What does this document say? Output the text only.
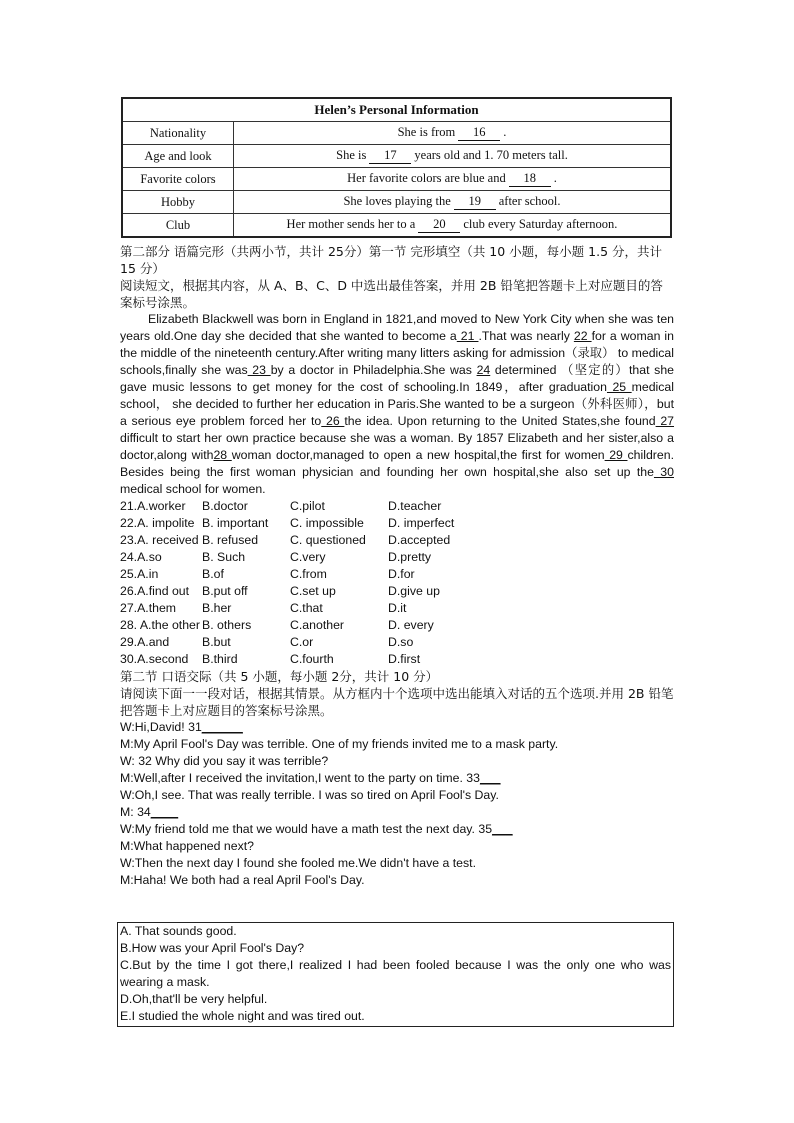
Helen’s Personal Information	
Nationality	She is from 16 .
Age and look	She is 17 years old and 1. 70 meters tall.
Favorite colors	Her favorite colors are blue and 18 .
Hobby	She loves playing the 19 after school.
Club	Her mother sends her to a 20 club every Saturday afternoon.

第二部分 语篇完形（共两小节，共计 25分）第一节 完形填空（共 10 小题，每小题 1.5 分，共计 15 分）

阅读短文，根据其内容，从 A、B、C、D 中选出最佳答案，并用 2B 铅笔把答题卡上对应题目的答案标号涂黑。

Elizabeth Blackwell was born in England in 1821,and moved to New York City when she was ten years old.One day she decided that she wanted to become a 21 .That was nearly 22 for a woman in the middle of the nineteenth century.After writing many litters asking for admission（录取） to medical schools,finally she was 23 by a doctor in Philadelphia.She was 24 determined （坚定的）that she gave music lessons to get money for the cost of schooling.In 1849，after graduation 25 medical school， she decided to further her education in Paris.She wanted to be a surgeon（外科医师），but a serious eye problem forced her to 26 the idea. Upon returning to the United States,she found 27 difficult to start her own practice because she was a woman. By 1857 Elizabeth and her sister,also a doctor,along with28 woman doctor,managed to open a new hospital,the first for women 29 children. Besides being the first woman physician and founding her own hospital,she also set up the 30 medical school for women.

21.A.worker	B.doctor	C.pilot	D.teacher
22.A. impolite B. important	C. impossible	D. imperfect
23.A. received B. refused	C. questioned	D.accepted
24.A.so	B. Such	C.very	D.pretty
25.A.in	B.of	C.from	D.for
26.A.find out	B.put off	C.set up	D.give up
27.A.them	B.her	C.that	D.it
28. A.the other B. others	C.another	D. every
29.A.and	B.but	C.or	D.so
30.A.second	B.third	C.fourth	D.first

第二节 口语交际（共 5 小题，每小题 2分，共计 10 分）

请阅读下面一一段对话，根据其情景。从方框内十个选项中选出能填入对话的五个选项.并用 2B 铅笔把答题卡上对应题目的答案标号涂黑。

W:Hi,David! 31______

M:My April Fool's Day was terrible. One of my friends invited me to a mask party.

W: 32 Why did you say it was terrible?

M:Well,after I received the invitation,I went to the party on time. 33___

W:Oh,I see. That was really terrible. I was so tired on April Fool's Day.

M: 34____

W:My friend told me that we would have a math test the next day. 35___

M:What happened next?

W:Then the next day I found she fooled me.We didn't have a test.

M:Haha! We both had a real April Fool's Day.

A. That sounds good.

B.How was your April Fool's Day?

C.But by the time I got there,I realized I had been fooled because I was the only one who was wearing a mask.

D.Oh,that'll be very helpful.

E.I studied the whole night and was tired out.
